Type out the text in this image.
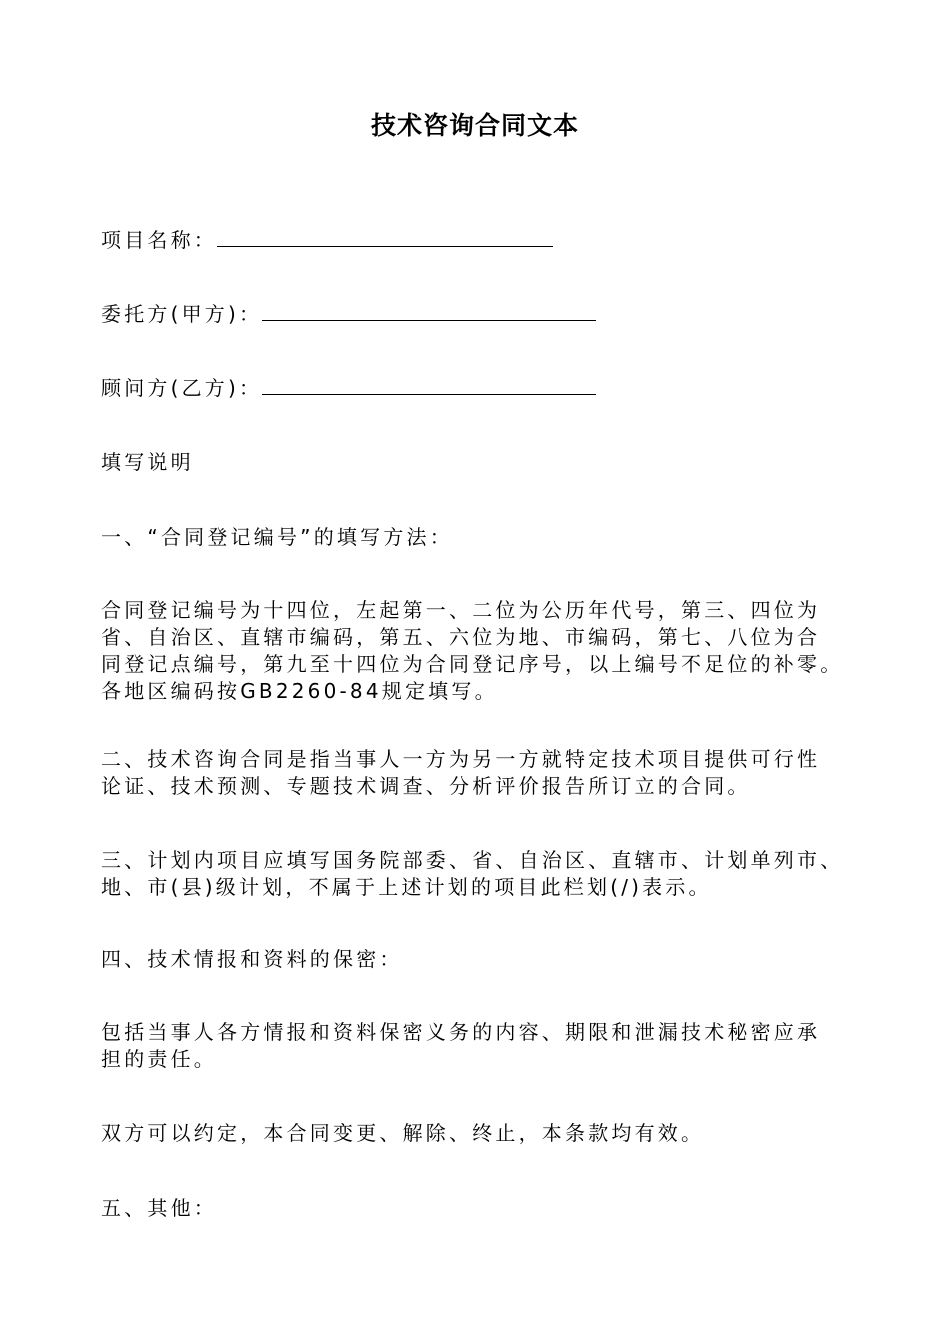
技术咨询合同文本
项目名称：
委托方(甲方)：
顾问方(乙方)：
填写说明
一、“合同登记编号”的填写方法：
合同登记编号为十四位，左起第一、二位为公历年代号，第三、四位为
省、自治区、直辖市编码，第五、六位为地、市编码，第七、八位为合
同登记点编号，第九至十四位为合同登记序号，以上编号不足位的补零。
各地区编码按GB2260-84规定填写。
二、技术咨询合同是指当事人一方为另一方就特定技术项目提供可行性
论证、技术预测、专题技术调查、分析评价报告所订立的合同。
三、计划内项目应填写国务院部委、省、自治区、直辖市、计划单列市、
地、市(县)级计划，不属于上述计划的项目此栏划(/)表示。
四、技术情报和资料的保密：
包括当事人各方情报和资料保密义务的内容、期限和泄漏技术秘密应承
担的责任。
双方可以约定，本合同变更、解除、终止，本条款均有效。
五、其他：
